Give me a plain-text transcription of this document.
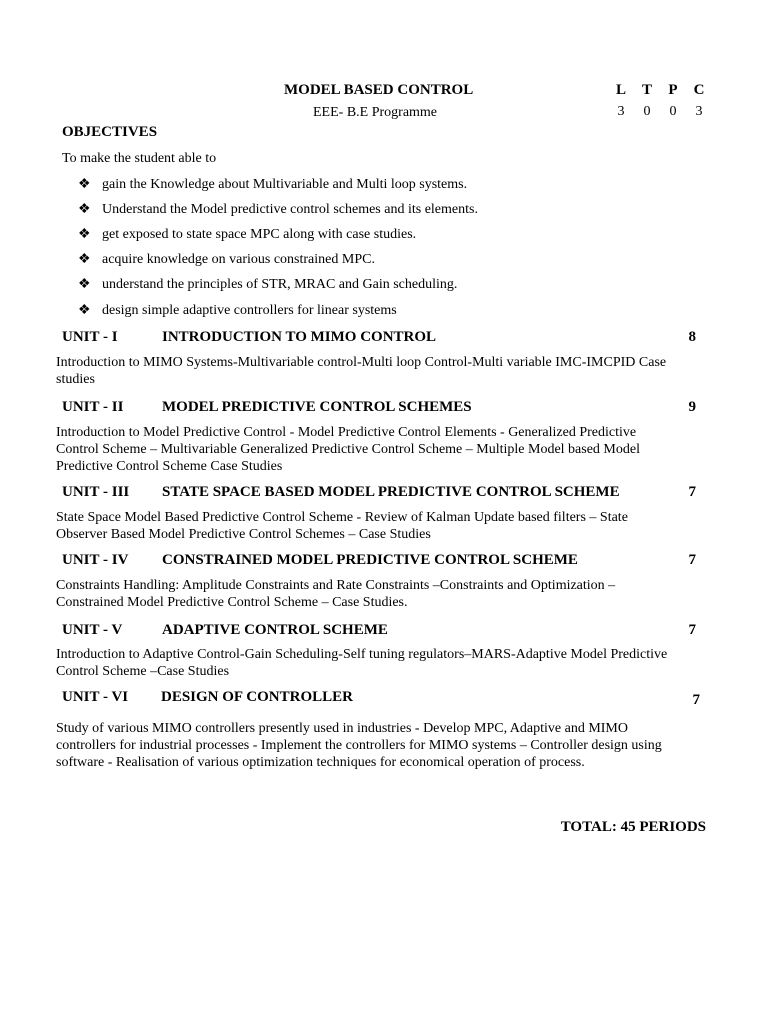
MODEL BASED CONTROL
EEE- B.E Programme
L T P C
3	0	0	3
OBJECTIVES
To make the student able to
❖ gain the Knowledge about Multivariable and Multi loop systems.
❖ Understand the Model predictive control schemes and its elements.
❖ get exposed to state space MPC along with case studies.
❖ acquire knowledge on various constrained MPC.
❖ understand the principles of STR, MRAC and Gain scheduling.
❖ design simple adaptive controllers for linear systems
UNIT - I	INTRODUCTION TO MIMO CONTROL	8
Introduction to MIMO Systems-Multivariable control-Multi loop Control-Multi variable IMC-IMCPID Case studies
UNIT - II	MODEL PREDICTIVE CONTROL SCHEMES	9
Introduction to Model Predictive Control - Model Predictive Control Elements - Generalized Predictive Control Scheme – Multivariable Generalized Predictive Control Scheme – Multiple Model based Model Predictive Control Scheme Case Studies
UNIT - III STATE SPACE BASED MODEL PREDICTIVE CONTROL SCHEME	7
State Space Model Based Predictive Control Scheme - Review of Kalman Update based filters – State Observer Based Model Predictive Control Schemes – Case Studies
UNIT - IV CONSTRAINED MODEL PREDICTIVE CONTROL SCHEME	7
Constraints Handling: Amplitude Constraints and Rate Constraints –Constraints and Optimization – Constrained Model Predictive Control Scheme – Case Studies.
UNIT - V	ADAPTIVE CONTROL SCHEME	7
Introduction to Adaptive Control-Gain Scheduling-Self tuning regulators–MARS-Adaptive Model Predictive Control Scheme –Case Studies
UNIT - VI DESIGN OF CONTROLLER	7
Study of various MIMO controllers presently used in industries - Develop MPC, Adaptive and MIMO controllers for industrial processes - Implement the controllers for MIMO systems – Controller design using software - Realisation of various optimization techniques for economical operation of process.
TOTAL: 45 PERIODS
